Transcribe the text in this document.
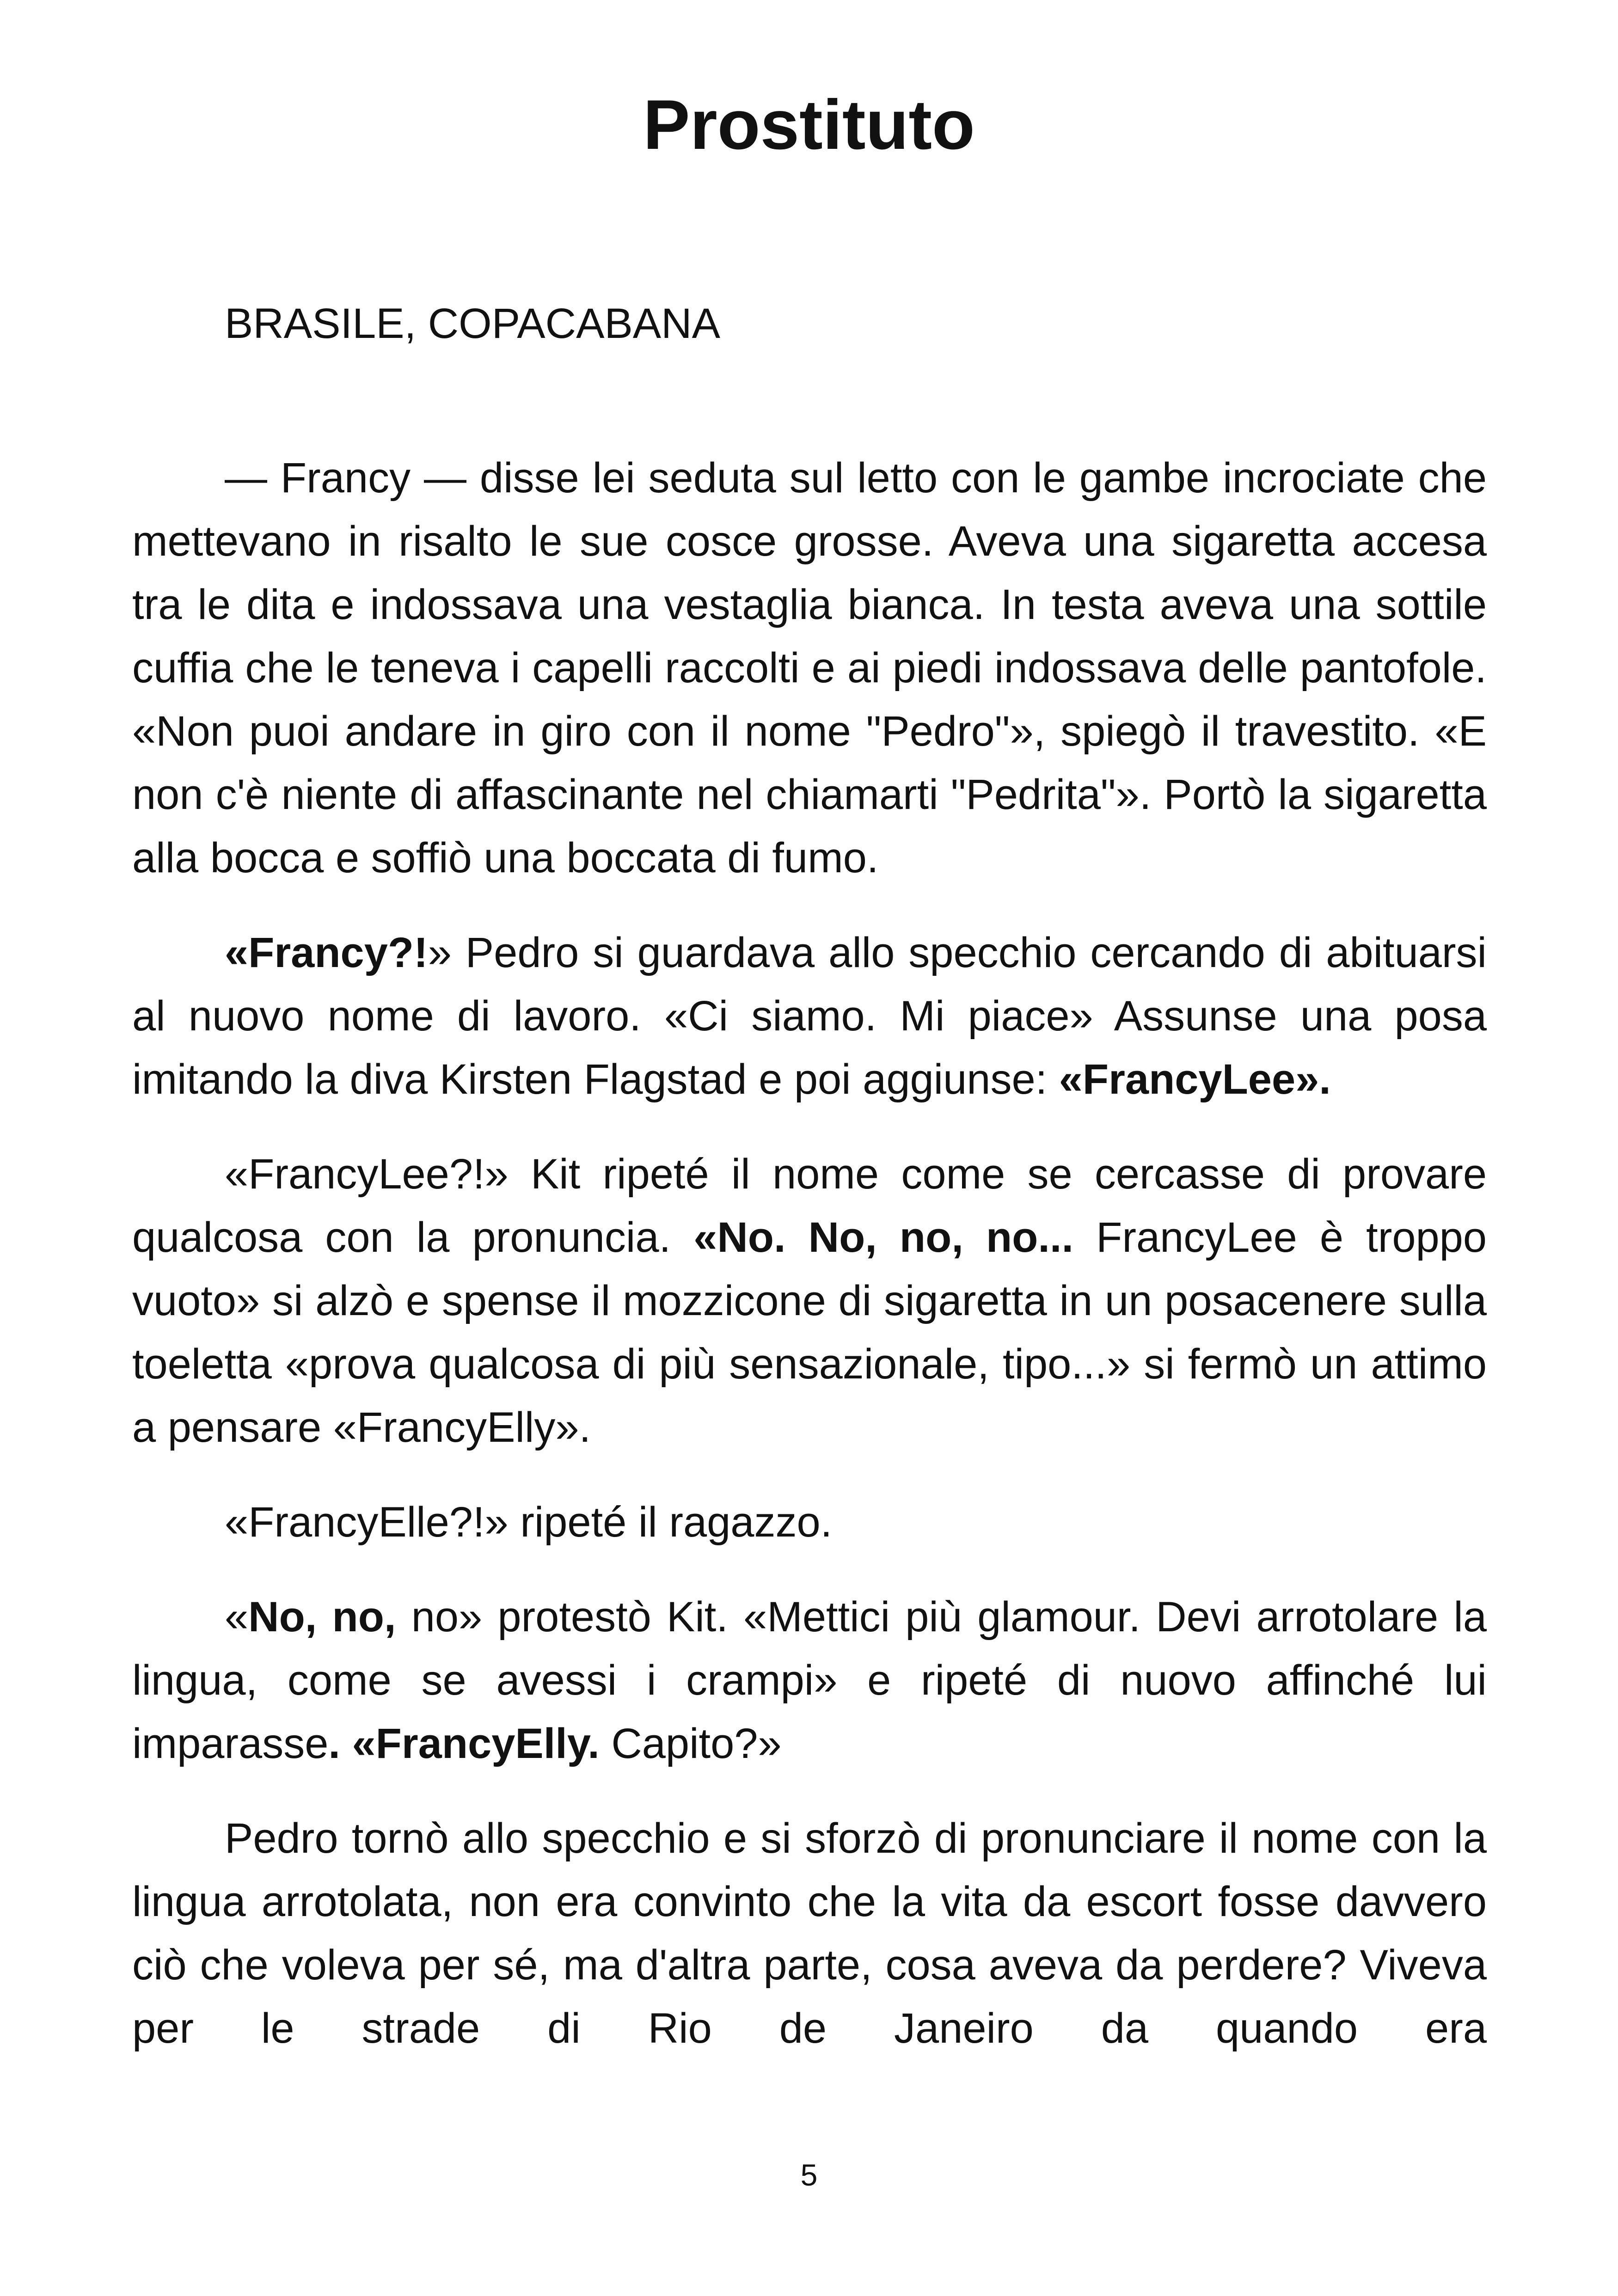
Prostituto

BRASILE, COPACABANA

— Francy — disse lei seduta sul letto con le gambe incrociate che mettevano in risalto le sue cosce grosse. Aveva una sigaretta accesa tra le dita e indossava una vestaglia bianca. In testa aveva una sottile cuffia che le teneva i capelli raccolti e ai piedi indossava delle pantofole. «Non puoi andare in giro con il nome "Pedro"», spiegò il travestito. «E non c'è niente di affascinante nel chiamarti "Pedrita"». Portò la sigaretta alla bocca e soffiò una boccata di fumo.

«Francy?!» Pedro si guardava allo specchio cercando di abituarsi al nuovo nome di lavoro. «Ci siamo. Mi piace» Assunse una posa imitando la diva Kirsten Flagstad e poi aggiunse: «FrancyLee».

«FrancyLee?!» Kit ripeté il nome come se cercasse di provare qualcosa con la pronuncia. «No. No, no, no... FrancyLee è troppo vuoto» si alzò e spense il mozzicone di sigaretta in un posacenere sulla toeletta «prova qualcosa di più sensazionale, tipo...» si fermò un attimo a pensare «FrancyElly».

«FrancyElle?!» ripeté il ragazzo.

«No, no, no» protestò Kit. «Mettici più glamour. Devi arrotolare la lingua, come se avessi i crampi» e ripeté di nuovo affinché lui imparasse. «FrancyElly. Capito?»

Pedro tornò allo specchio e si sforzò di pronunciare il nome con la lingua arrotolata, non era convinto che la vita da escort fosse davvero ciò che voleva per sé, ma d'altra parte, cosa aveva da perdere? Viveva per le strade di Rio de Janeiro da quando era

5
